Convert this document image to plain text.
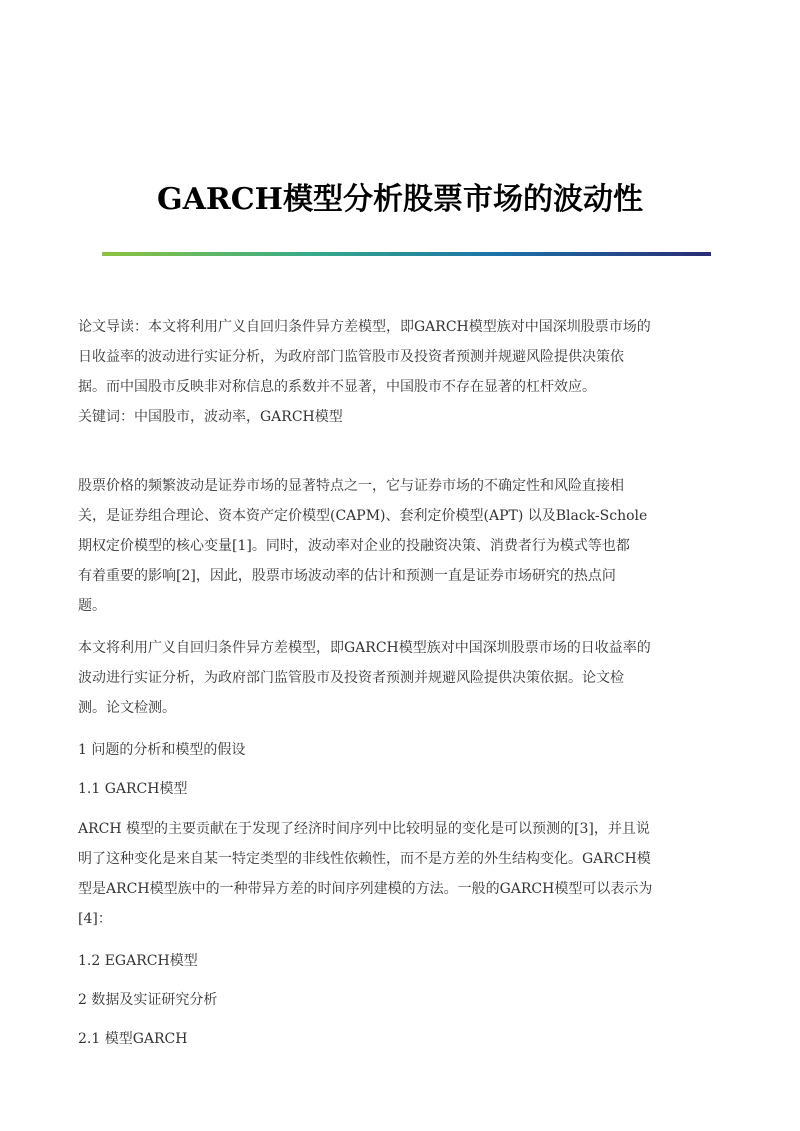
GARCH模型分析股票市场的波动性

论文导读：本文将利用广义自回归条件异方差模型，即GARCH模型族对中国深圳股票市场的
日收益率的波动进行实证分析，为政府部门监管股市及投资者预测并规避风险提供决策依
据。而中国股市反映非对称信息的系数并不显著，中国股市不存在显著的杠杆效应。

关键词：中国股市，波动率，GARCH模型

股票价格的频繁波动是证券市场的显著特点之一，它与证券市场的不确定性和风险直接相
关，是证券组合理论、资本资产定价模型(CAPM)、套利定价模型(APT) 以及Black-Schole
期权定价模型的核心变量[1]。同时，波动率对企业的投融资决策、消费者行为模式等也都
有着重要的影响[2]，因此，股票市场波动率的估计和预测一直是证券市场研究的热点问
题。

本文将利用广义自回归条件异方差模型，即GARCH模型族对中国深圳股票市场的日收益率的
波动进行实证分析，为政府部门监管股市及投资者预测并规避风险提供决策依据。论文检
测。论文检测。

1 问题的分析和模型的假设

1.1 GARCH模型

ARCH 模型的主要贡献在于发现了经济时间序列中比较明显的变化是可以预测的[3]，并且说
明了这种变化是来自某一特定类型的非线性依赖性，而不是方差的外生结构变化。GARCH模
型是ARCH模型族中的一种带异方差的时间序列建模的方法。一般的GARCH模型可以表示为
[4]：

1.2 EGARCH模型

2 数据及实证研究分析

2.1 模型GARCH
